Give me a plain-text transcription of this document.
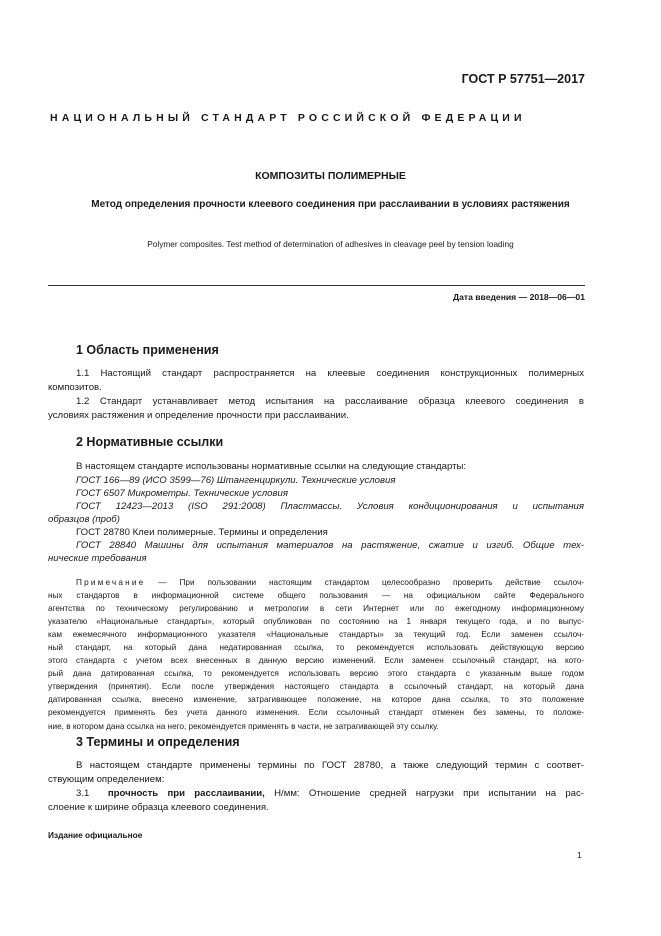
ГОСТ Р 57751—2017
НАЦИОНАЛЬНЫЙ СТАНДАРТ РОССИЙСКОЙ ФЕДЕРАЦИИ
КОМПОЗИТЫ ПОЛИМЕРНЫЕ
Метод определения прочности клеевого соединения при расслаивании в условиях растяжения
Polymer composites. Test method of determination of adhesives in cleavage peel by tension loading
Дата введения — 2018—06—01
1 Область применения
1.1 Настоящий стандарт распространяется на клеевые соединения конструкционных полимерных
композитов.
1.2 Стандарт устанавливает метод испытания на расслаивание образца клеевого соединения в
условиях растяжения и определение прочности при расслаивании.
2 Нормативные ссылки
В настоящем стандарте использованы нормативные ссылки на следующие стандарты:
ГОСТ 166—89 (ИСО 3599—76) Штангенциркули. Технические условия
ГОСТ 6507 Микрометры. Технические условия
ГОСТ 12423—2013 (ISO 291:2008) Пластмассы. Условия кондиционирования и испытания
образцов (проб)
ГОСТ 28780 Клеи полимерные. Термины и определения
ГОСТ 28840 Машины для испытания материалов на растяжение, сжатие и изгиб. Общие тех-
нические требования
Примечание — При пользовании настоящим стандартом целесообразно проверить действие ссылоч-
ных стандартов в информационной системе общего пользования — на официальном сайте Федерального
агентства по техническому регулированию и метрологии в сети Интернет или по ежегодному информационному
указателю «Национальные стандарты», который опубликован по состоянию на 1 января текущего года, и по выпус-
кам ежемесячного информационного указателя «Национальные стандарты» за текущий год. Если заменен ссылоч-
ный стандарт, на который дана недатированная ссылка, то рекомендуется использовать действующую версию
этого стандарта с учетом всех внесенных в данную версию изменений. Если заменен ссылочный стандарт, на кото-
рый дана датированная ссылка, то рекомендуется использовать версию этого стандарта с указанным выше годом
утверждения (принятия). Если после утверждения настоящего стандарта в ссылочный стандарт, на который дана
датированная ссылка, внесено изменение, затрагивающее положение, на которое дана ссылка, то это положение
рекомендуется применять без учета данного изменения. Если ссылочный стандарт отменен без замены, то положе-
ние, в котором дана ссылка на него, рекомендуется применять в части, не затрагивающей эту ссылку.
3 Термины и определения
В настоящем стандарте применены термины по ГОСТ 28780, а также следующий термин с соответ-
ствующим определением:
3.1 прочность при расслаивании, Н/мм: Отношение средней нагрузки при испытании на рас-
слоение к ширине образца клеевого соединения.
Издание официальное
1
